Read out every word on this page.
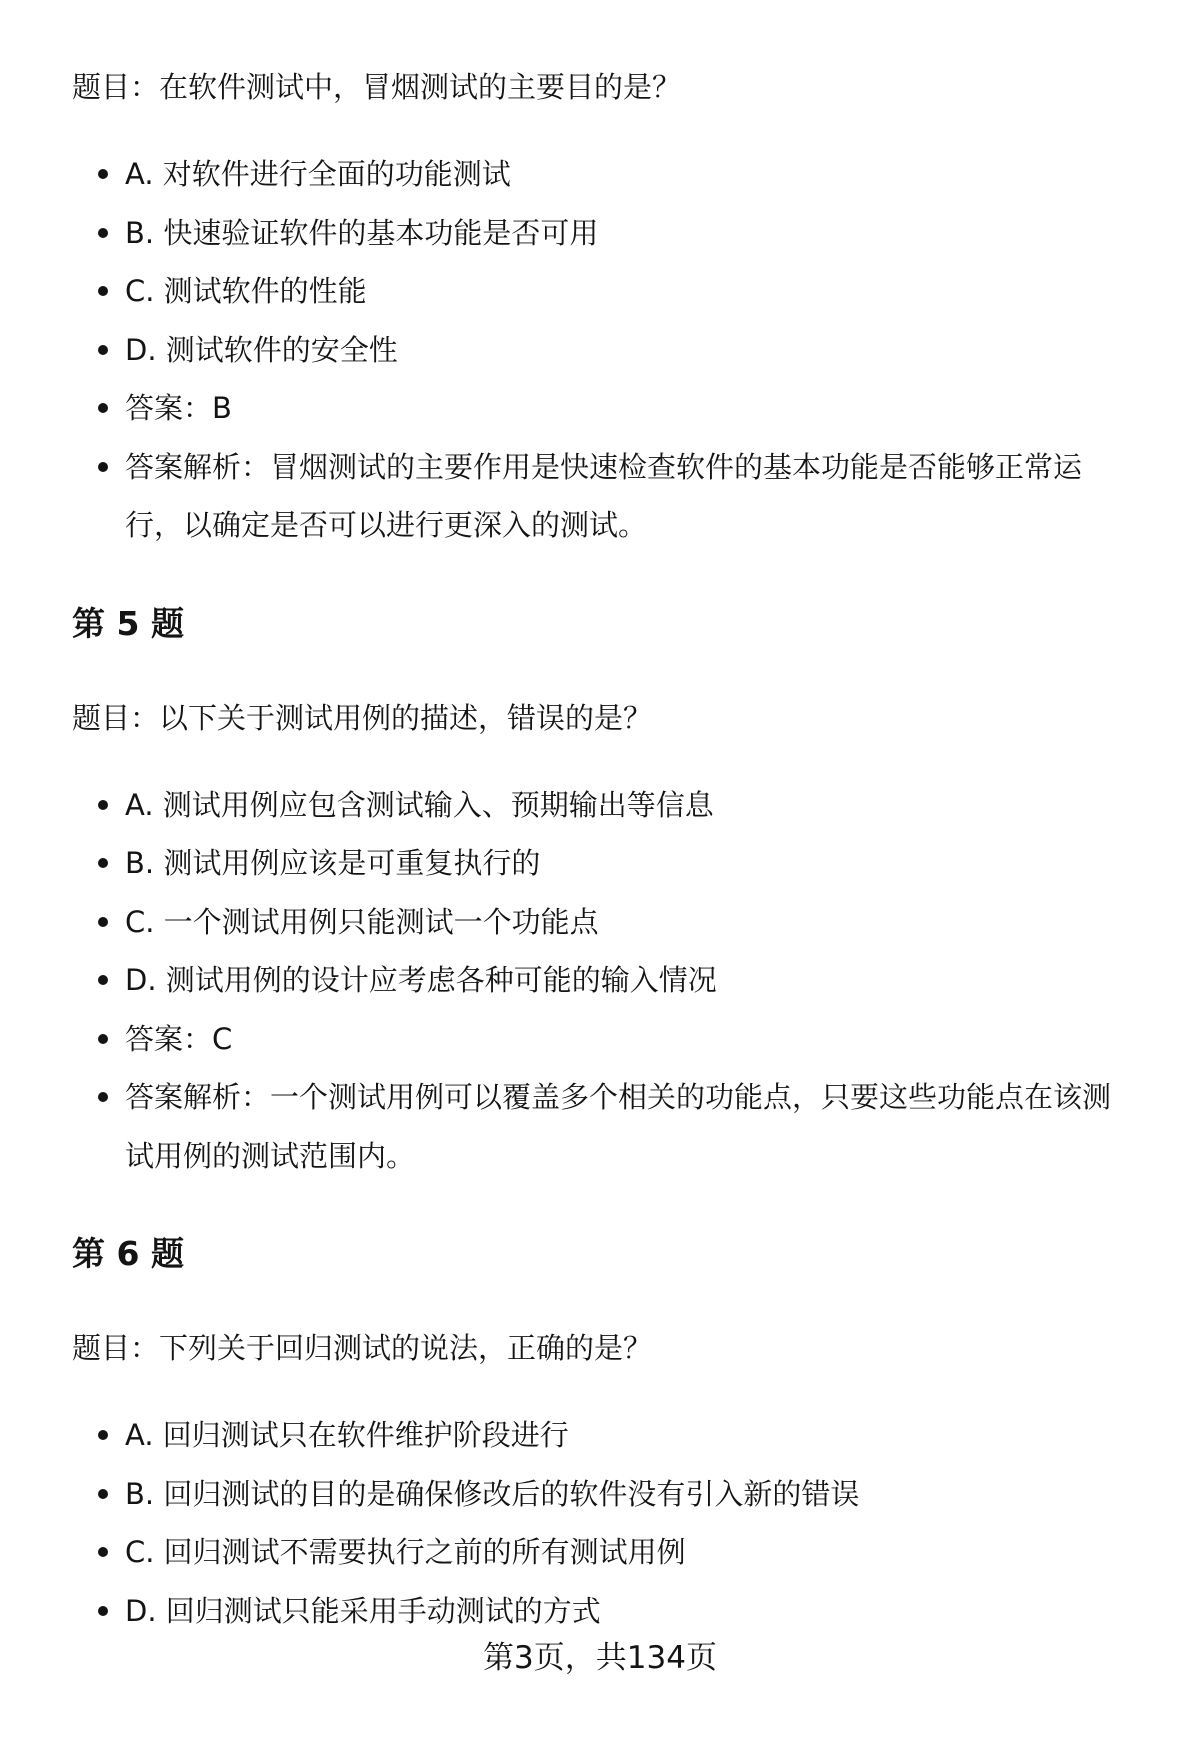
题目：在软件测试中，冒烟测试的主要目的是？

A. 对软件进行全面的功能测试
B. 快速验证软件的基本功能是否可用
C. 测试软件的性能
D. 测试软件的安全性
答案：B
答案解析：冒烟测试的主要作用是快速检查软件的基本功能是否能够正常运行，以确定是否可以进行更深入的测试。
第 5 题

题目：以下关于测试用例的描述，错误的是？

A. 测试用例应包含测试输入、预期输出等信息
B. 测试用例应该是可重复执行的
C. 一个测试用例只能测试一个功能点
D. 测试用例的设计应考虑各种可能的输入情况
答案：C
答案解析：一个测试用例可以覆盖多个相关的功能点，只要这些功能点在该测试用例的测试范围内。
第 6 题

题目：下列关于回归测试的说法，正确的是？

A. 回归测试只在软件维护阶段进行
B. 回归测试的目的是确保修改后的软件没有引入新的错误
C. 回归测试不需要执行之前的所有测试用例
D. 回归测试只能采用手动测试的方式
第3页，共134页
